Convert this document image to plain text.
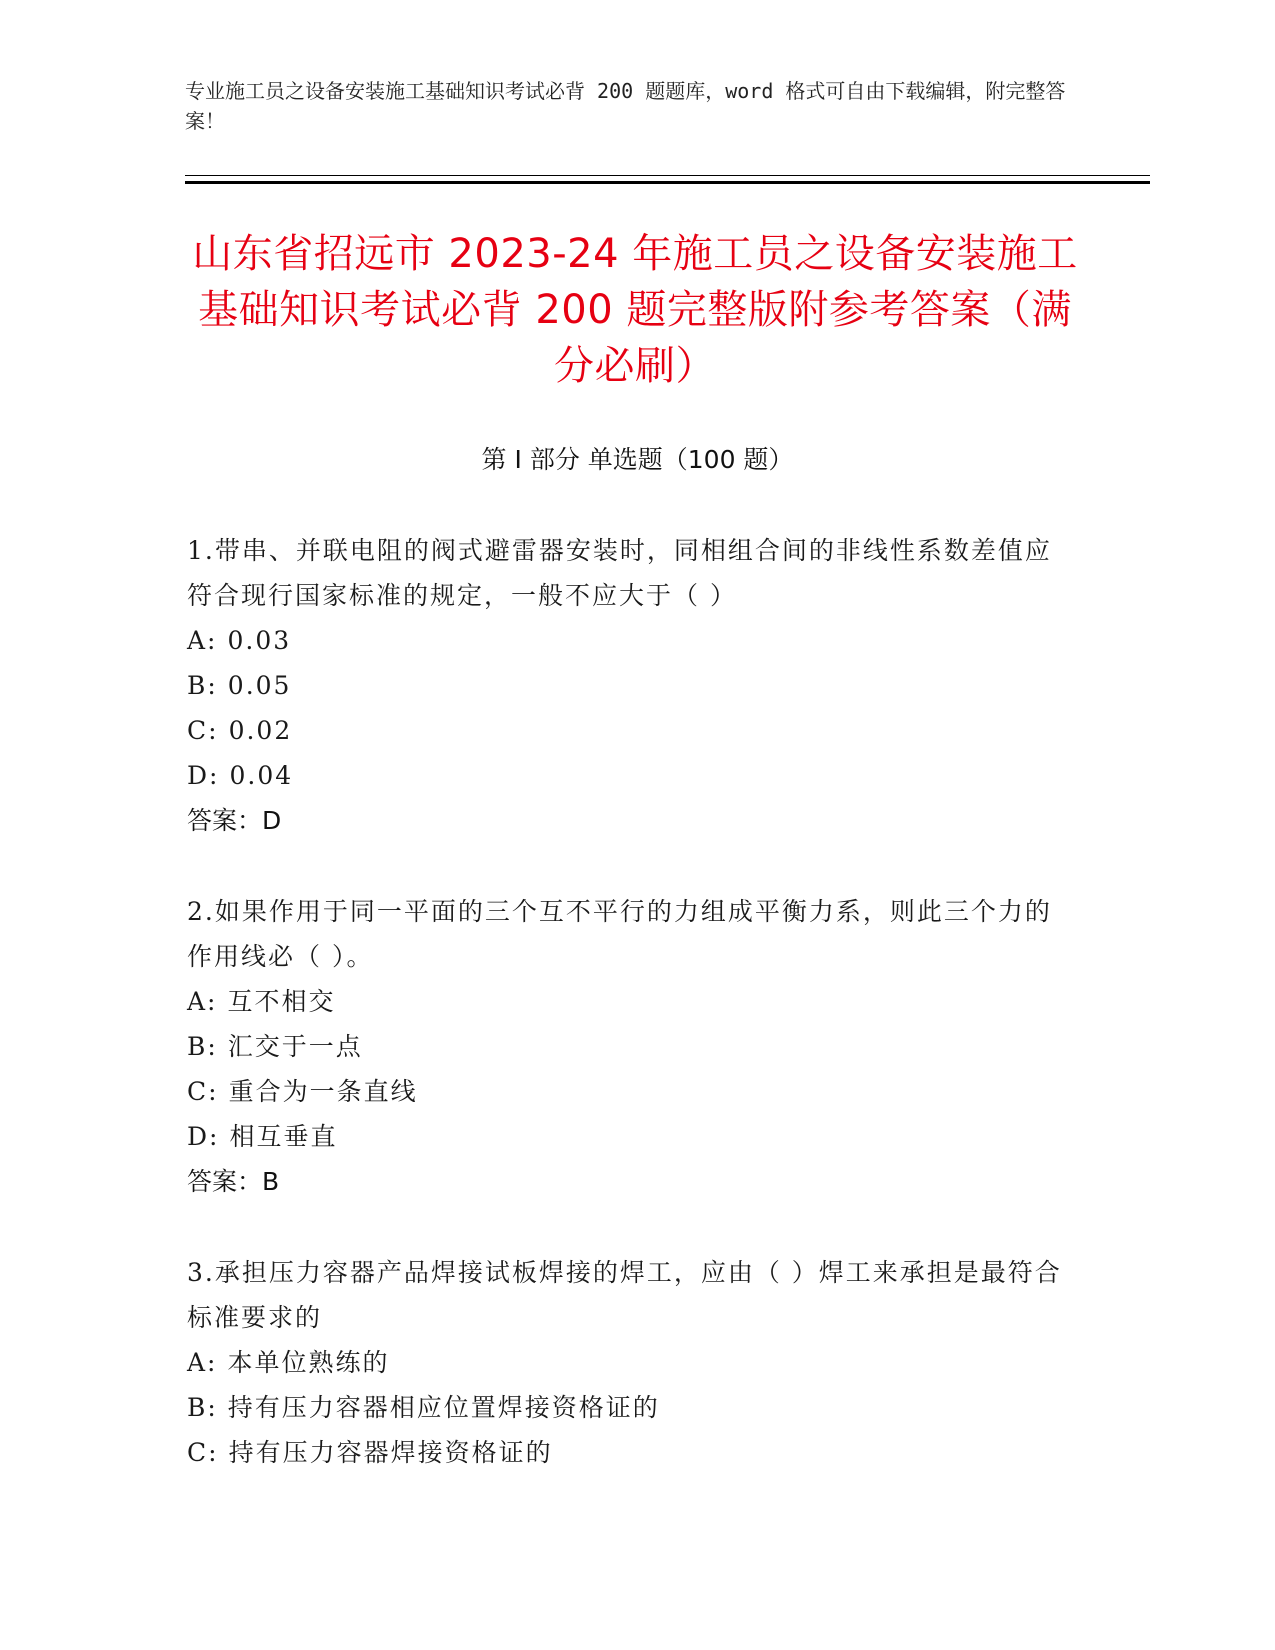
专业施工员之设备安装施工基础知识考试必背 200 题题库，word 格式可自由下载编辑，附完整答案！
山东省招远市 2023-24 年施工员之设备安装施工基础知识考试必背 200 题完整版附参考答案（满分必刷）
第 I 部分 单选题（100 题）
1.带串、并联电阻的阀式避雷器安装时，同相组合间的非线性系数差值应符合现行国家标准的规定，一般不应大于（ ）
A: 0.03
B: 0.05
C: 0.02
D: 0.04
答案：D
2.如果作用于同一平面的三个互不平行的力组成平衡力系，则此三个力的作用线必（ ）。
A: 互不相交
B: 汇交于一点
C: 重合为一条直线
D: 相互垂直
答案：B
3.承担压力容器产品焊接试板焊接的焊工，应由（ ）焊工来承担是最符合标准要求的
A: 本单位熟练的
B: 持有压力容器相应位置焊接资格证的
C: 持有压力容器焊接资格证的
